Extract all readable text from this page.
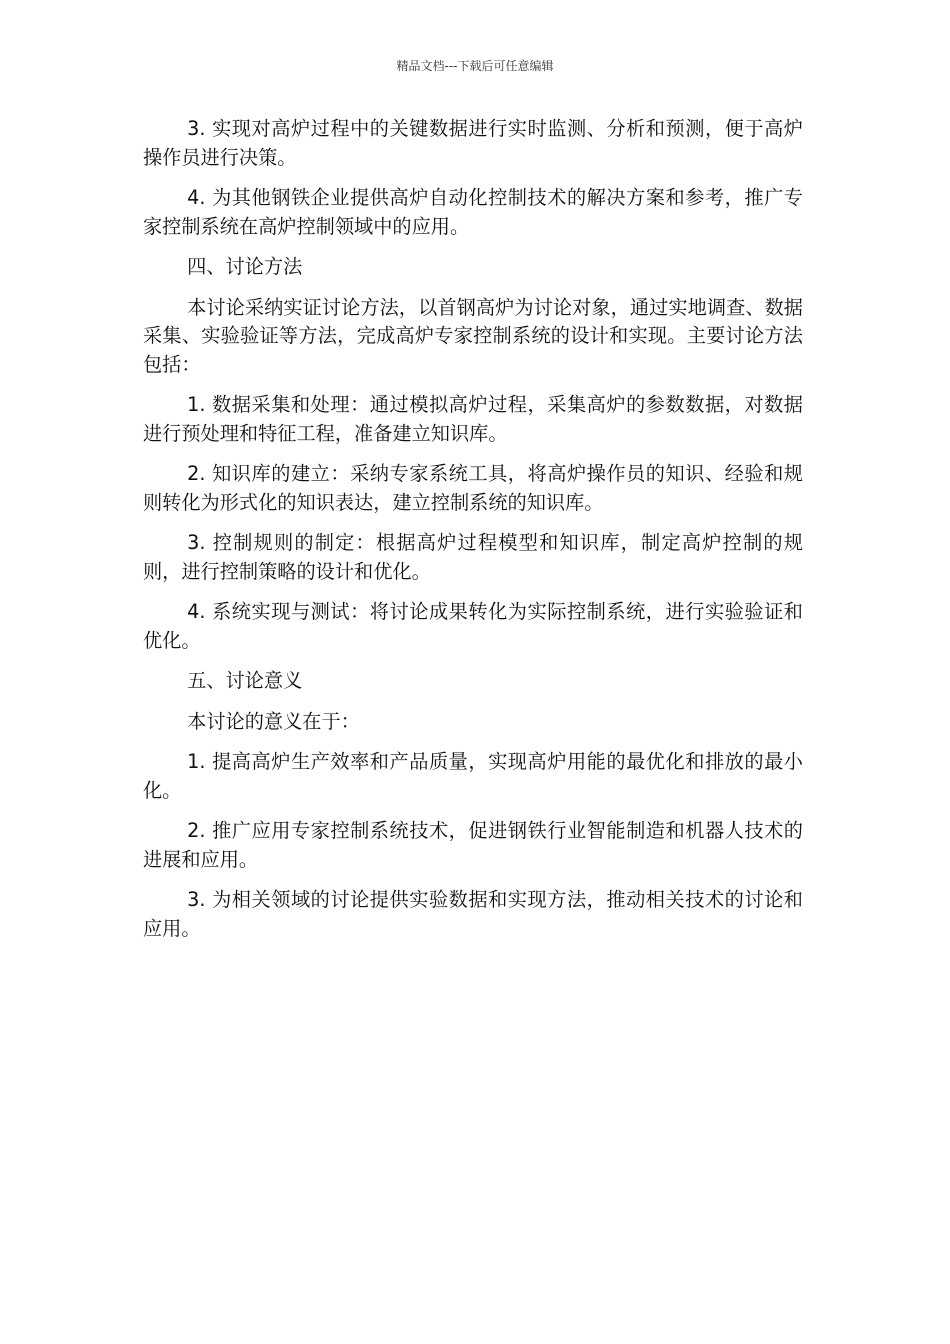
精品文档---下载后可任意编辑

3. 实现对高炉过程中的关键数据进行实时监测、分析和预测，便于高炉操作员进行决策。

4. 为其他钢铁企业提供高炉自动化控制技术的解决方案和参考，推广专家控制系统在高炉控制领域中的应用。

四、讨论方法

本讨论采纳实证讨论方法，以首钢高炉为讨论对象，通过实地调查、数据采集、实验验证等方法，完成高炉专家控制系统的设计和实现。主要讨论方法包括：

1. 数据采集和处理：通过模拟高炉过程，采集高炉的参数数据，对数据进行预处理和特征工程，准备建立知识库。

2. 知识库的建立：采纳专家系统工具，将高炉操作员的知识、经验和规则转化为形式化的知识表达，建立控制系统的知识库。

3. 控制规则的制定：根据高炉过程模型和知识库，制定高炉控制的规则，进行控制策略的设计和优化。

4. 系统实现与测试：将讨论成果转化为实际控制系统，进行实验验证和优化。

五、讨论意义

本讨论的意义在于：

1. 提高高炉生产效率和产品质量，实现高炉用能的最优化和排放的最小化。

2. 推广应用专家控制系统技术，促进钢铁行业智能制造和机器人技术的进展和应用。

3. 为相关领域的讨论提供实验数据和实现方法，推动相关技术的讨论和应用。
